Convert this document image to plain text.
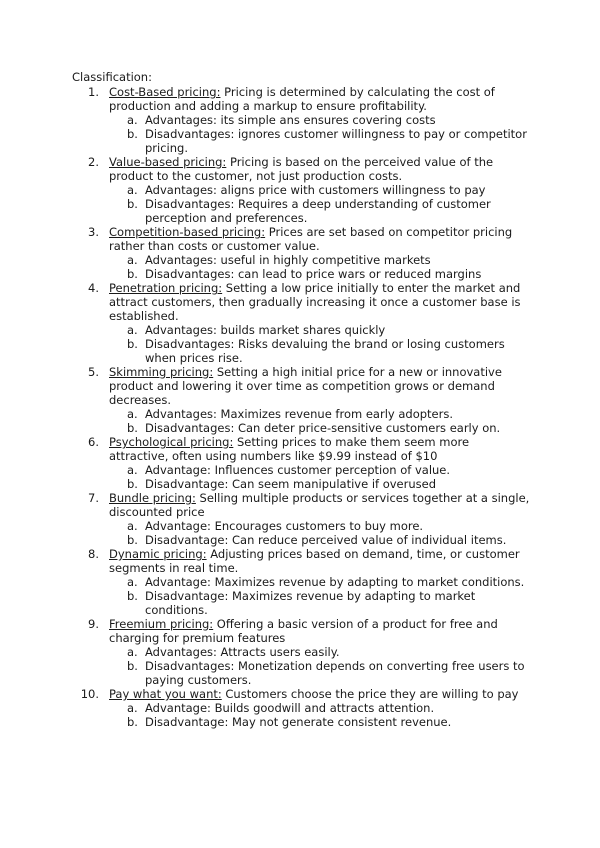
Classification:
1. Cost-Based pricing: Pricing is determined by calculating the cost of production and adding a markup to ensure profitability.
a. Advantages: its simple ans ensures covering costs
b. Disadvantages: ignores customer willingness to pay or competitor pricing.
2. Value-based pricing: Pricing is based on the perceived value of the product to the customer, not just production costs.
a. Advantages: aligns price with customers willingness to pay
b. Disadvantages: Requires a deep understanding of customer perception and preferences.
3. Competition-based pricing: Prices are set based on competitor pricing rather than costs or customer value.
a. Advantages: useful in highly competitive markets
b. Disadvantages: can lead to price wars or reduced margins
4. Penetration pricing: Setting a low price initially to enter the market and attract customers, then gradually increasing it once a customer base is established.
a. Advantages: builds market shares quickly
b. Disadvantages: Risks devaluing the brand or losing customers when prices rise.
5. Skimming pricing: Setting a high initial price for a new or innovative product and lowering it over time as competition grows or demand decreases.
a. Advantages: Maximizes revenue from early adopters.
b. Disadvantages: Can deter price-sensitive customers early on.
6. Psychological pricing: Setting prices to make them seem more attractive, often using numbers like $9.99 instead of $10
a. Advantage: Influences customer perception of value.
b. Disadvantage: Can seem manipulative if overused
7. Bundle pricing: Selling multiple products or services together at a single, discounted price
a. Advantage: Encourages customers to buy more.
b. Disadvantage: Can reduce perceived value of individual items.
8. Dynamic pricing: Adjusting prices based on demand, time, or customer segments in real time.
a. Advantage: Maximizes revenue by adapting to market conditions.
b. Disadvantage: Maximizes revenue by adapting to market conditions.
9. Freemium pricing: Offering a basic version of a product for free and charging for premium features
a. Advantages: Attracts users easily.
b. Disadvantages: Monetization depends on converting free users to paying customers.
10. Pay what you want: Customers choose the price they are willing to pay
a. Advantage: Builds goodwill and attracts attention.
b. Disadvantage: May not generate consistent revenue.
